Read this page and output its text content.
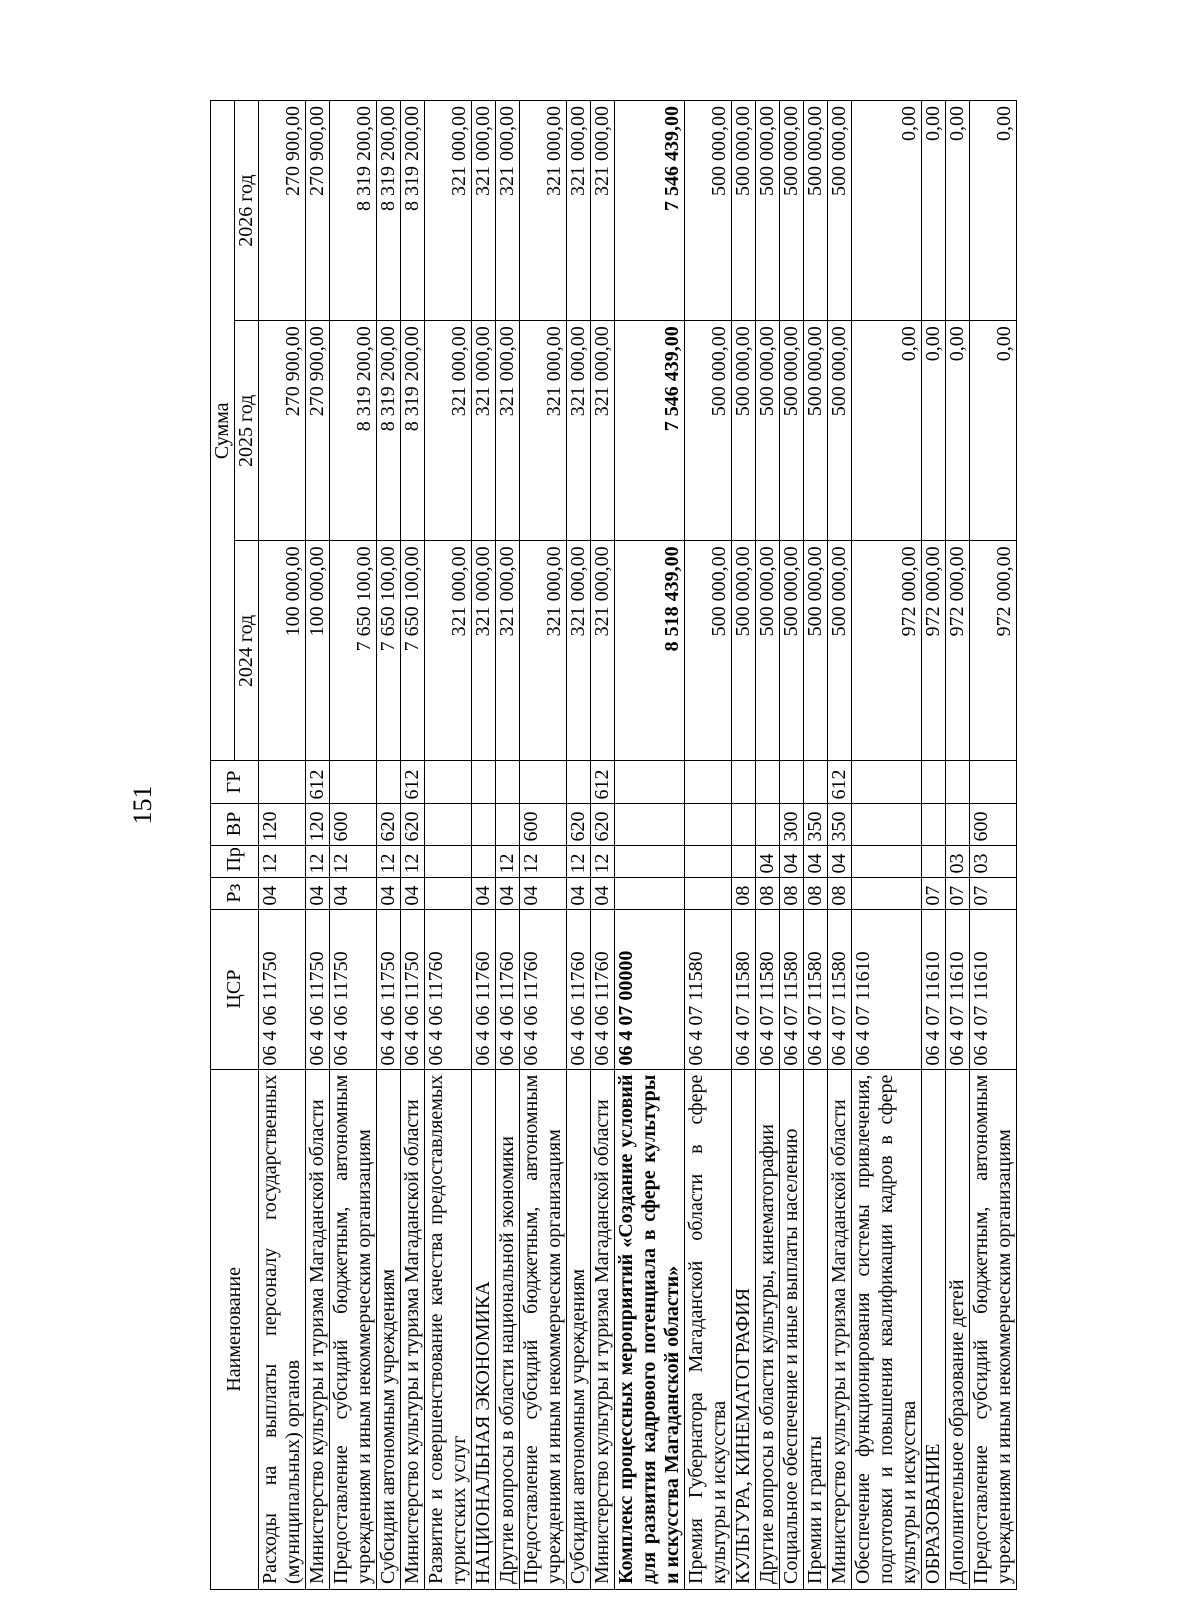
151
Наименование	ЦСР	Рз	Пр	ВР	ГР	Сумма		
						2024 год	2025 год	2026 год
Расходы на выплаты персоналу государственных (муниципальных) органов	06 4 06 11750	04	12	120		100 000,00	270 900,00	270 900,00
Министерство культуры и туризма Магаданской области	06 4 06 11750	04	12	120	612	100 000,00	270 900,00	270 900,00
Предоставление субсидий бюджетным, автономным учреждениям и иным некоммерческим организациям	06 4 06 11750	04	12	600		7 650 100,00	8 319 200,00	8 319 200,00
Субсидии автономным учреждениям	06 4 06 11750	04	12	620		7 650 100,00	8 319 200,00	8 319 200,00
Министерство культуры и туризма Магаданской области	06 4 06 11750	04	12	620	612	7 650 100,00	8 319 200,00	8 319 200,00
Развитие и совершенствование качества предоставляемых туристских услуг	06 4 06 11760					321 000,00	321 000,00	321 000,00
НАЦИОНАЛЬНАЯ ЭКОНОМИКА	06 4 06 11760	04				321 000,00	321 000,00	321 000,00
Другие вопросы в области национальной экономики	06 4 06 11760	04	12			321 000,00	321 000,00	321 000,00
Предоставление субсидий бюджетным, автономным учреждениям и иным некоммерческим организациям	06 4 06 11760	04	12	600		321 000,00	321 000,00	321 000,00
Субсидии автономным учреждениям	06 4 06 11760	04	12	620		321 000,00	321 000,00	321 000,00
Министерство культуры и туризма Магаданской области	06 4 06 11760	04	12	620	612	321 000,00	321 000,00	321 000,00
Комплекс процессных мероприятий «Создание условий для развития кадрового потенциала в сфере культуры и искусства Магаданской области»	06 4 07 00000					8 518 439,00	7 546 439,00	7 546 439,00
Премия Губернатора Магаданской области в сфере культуры и искусства	06 4 07 11580					500 000,00	500 000,00	500 000,00
КУЛЬТУРА, КИНЕМАТОГРАФИЯ	06 4 07 11580	08				500 000,00	500 000,00	500 000,00
Другие вопросы в области культуры, кинематографии	06 4 07 11580	08	04			500 000,00	500 000,00	500 000,00
Социальное обеспечение и иные выплаты населению	06 4 07 11580	08	04	300		500 000,00	500 000,00	500 000,00
Премии и гранты	06 4 07 11580	08	04	350		500 000,00	500 000,00	500 000,00
Министерство культуры и туризма Магаданской области	06 4 07 11580	08	04	350	612	500 000,00	500 000,00	500 000,00
Обеспечение функционирования системы привлечения, подготовки и повышения квалификации кадров в сфере культуры и искусства	06 4 07 11610					972 000,00	0,00	0,00
ОБРАЗОВАНИЕ	06 4 07 11610	07				972 000,00	0,00	0,00
Дополнительное образование детей	06 4 07 11610	07	03			972 000,00	0,00	0,00
Предоставление субсидий бюджетным, автономным учреждениям и иным некоммерческим организациям	06 4 07 11610	07	03	600		972 000,00	0,00	0,00
